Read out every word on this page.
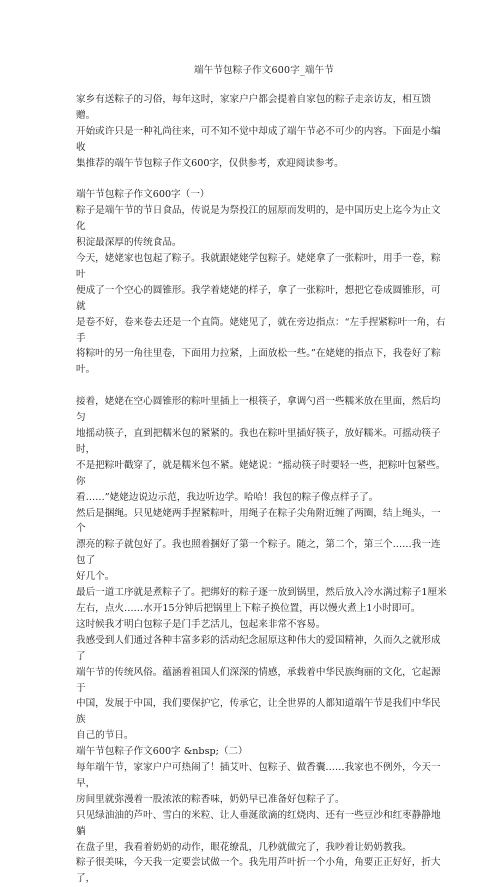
端午节包粽子作文600字_端午节

家乡有送粽子的习俗，每年这时，家家户户都会提着自家包的粽子走亲访友，相互馈赠。

开始或许只是一种礼尚往来，可不知不觉中却成了端午节必不可少的内容。下面是小编收

集推荐的端午节包粽子作文600字，仅供参考，欢迎阅读参考。

端午节包粽子作文600字（一）

粽子是端午节的节日食品，传说是为祭投江的屈原而发明的，是中国历史上迄今为止文化

积淀最深厚的传统食品。

今天，姥姥家也包起了粽子。我就跟姥姥学包粽子。姥姥拿了一张粽叶，用手一卷，粽叶

便成了一个空心的圆锥形。我学着姥姥的样子，拿了一张粽叶，想把它卷成圆锥形，可就

是卷不好，卷来卷去还是一个直筒。姥姥见了，就在旁边指点：“左手捏紧粽叶一角，右手

将粽叶的另一角往里卷，下面用力拉紧，上面放松一些。”在姥姥的指点下，我卷好了粽叶。

接着，姥姥在空心圆锥形的粽叶里插上一根筷子，拿调勺舀一些糯米放在里面，然后均匀

地摇动筷子，直到把糯米包的紧紧的。我也在粽叶里插好筷子，放好糯米。可摇动筷子时，

不是把粽叶戳穿了，就是糯米包不紧。姥姥说：“摇动筷子时要轻一些，把粽叶包紧些。你

看……”姥姥边说边示范，我边听边学。哈哈！我包的粽子像点样子了。

然后是捆绳。只见姥姥两手捏紧粽叶，用绳子在粽子尖角附近缠了两圈，结上绳头，一个

漂亮的粽子就包好了。我也照着捆好了第一个粽子。随之，第二个，第三个……我一连包了

好几个。

最后一道工序就是煮粽子了。把绑好的粽子逐一放到锅里，然后放入冷水满过粽子1厘米

左右，点火……水开15分钟后把锅里上下粽子换位置，再以慢火煮上1小时即可。

这时候我才明白包粽子是门手艺活儿，包起来非常不容易。

我感受到人们通过各种丰富多彩的活动纪念屈原这种伟大的爱国精神，久而久之就形成了

端午节的传统风俗。蕴涵着祖国人们深深的情感，承载着中华民族绚丽的文化，它起源于

中国，发展于中国，我们要保护它，传承它，让全世界的人都知道端午节是我们中华民族

自己的节日。

端午节包粽子作文600字 &nbsp;（二）

每年端午节，家家户户可热闹了！插艾叶、包粽子、做香囊……我家也不例外，今天一早，

房间里就弥漫着一股浓浓的粽香味，奶奶早已准备好包粽子了。

只见绿油油的芦叶、雪白的米粒、让人垂涎欲滴的红烧肉、还有一些豆沙和红枣静静地躺

在盘子里，我看着奶奶的动作，眼花缭乱，几秒就做完了，我吵着让奶奶教我。

粽子很美味，今天我一定要尝试做一个。我先用芦叶折一个小角，角要正正好好，折大了，
